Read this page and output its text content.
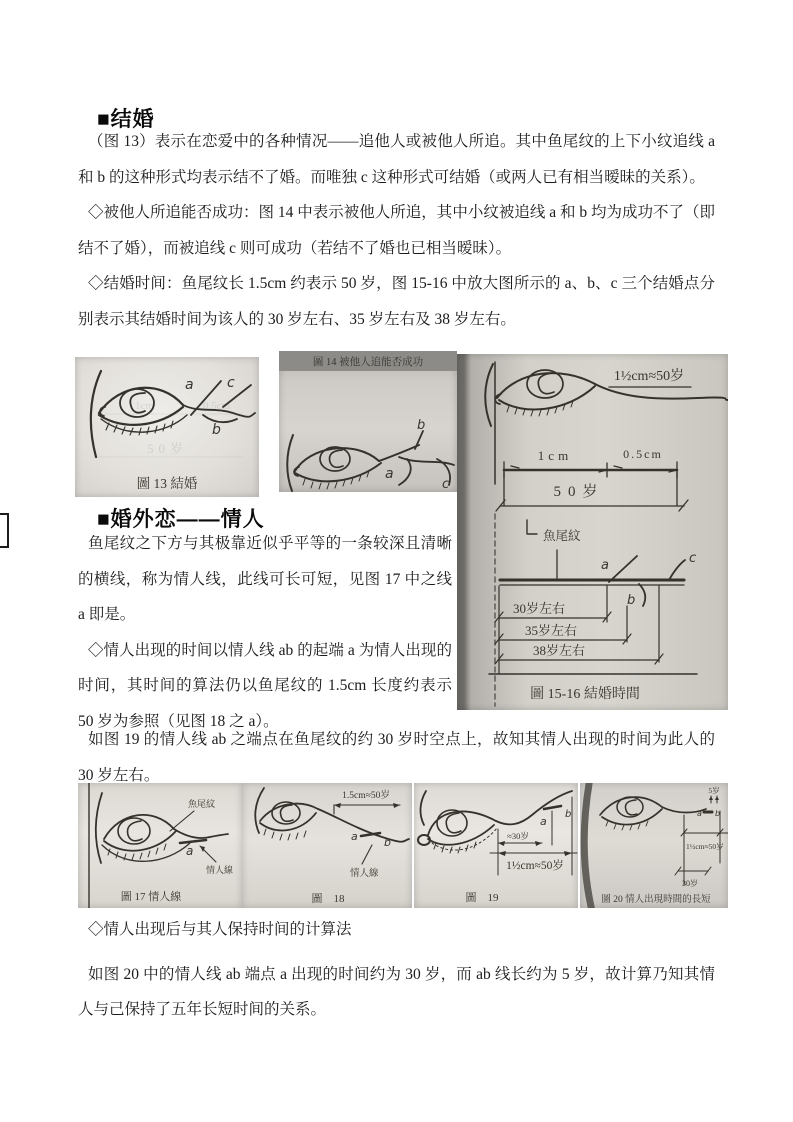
■结婚

（图 13）表示在恋爱中的各种情况——追他人或被他人所追。其中鱼尾纹的上下小纹追线 a 和 b 的这种形式均表示结不了婚。而唯独 c 这种形式可结婚（或两人已有相当暧昧的关系）。

◇被他人所追能否成功：图 14 中表示被他人所追，其中小纹被追线 a 和 b 均为成功不了（即结不了婚），而被追线 c 则可成功（若结不了婚也已相当暧昧）。

◇结婚时间：鱼尾纹长 1.5cm 约表示 50 岁，图 15-16 中放大图所示的 a、b、c 三个结婚点分别表示其结婚时间为该人的 30 岁左右、35 岁左右及 38 岁左右。

1cm	0.5cm
50岁
a c
b
圖 13 結婚
圖 14 被他人追能否成功
b
a
c
1½cm≈50岁
1cm	0.5cm
50岁
魚尾紋
a	c
b
30岁左右
35岁左右
38岁左右
圖 15-16 結婚時間
■婚外恋——情人

鱼尾纹之下方与其极靠近似乎平等的一条较深且清晰的横线，称为情人线，此线可长可短，见图 17 中之线 a 即是。

◇情人出现的时间以情人线 ab 的起端 a 为情人出现的时间，其时间的算法仍以鱼尾纹的 1.5cm 长度约表示 50 岁为参照（见图 18 之 a）。

如图 19 的情人线 ab 之端点在鱼尾纹的约 30 岁时空点上，故知其情人出现的时间为此人的 30 岁左右。

魚尾紋
a
情人線
圖 17 情人線
1.5cm≈50岁
a b
情人線
圖　18
≈30岁
a
b
1½cm≈50岁
圖　19
a b
5岁
1½cm≈50岁
30岁
圖 20 情人出現時間的長短

◇情人出现后与其人保持时间的计算法

如图 20 中的情人线 ab 端点 a 出现的时间约为 30 岁，而 ab 线长约为 5 岁，故计算乃知其情人与己保持了五年长短时间的关系。
